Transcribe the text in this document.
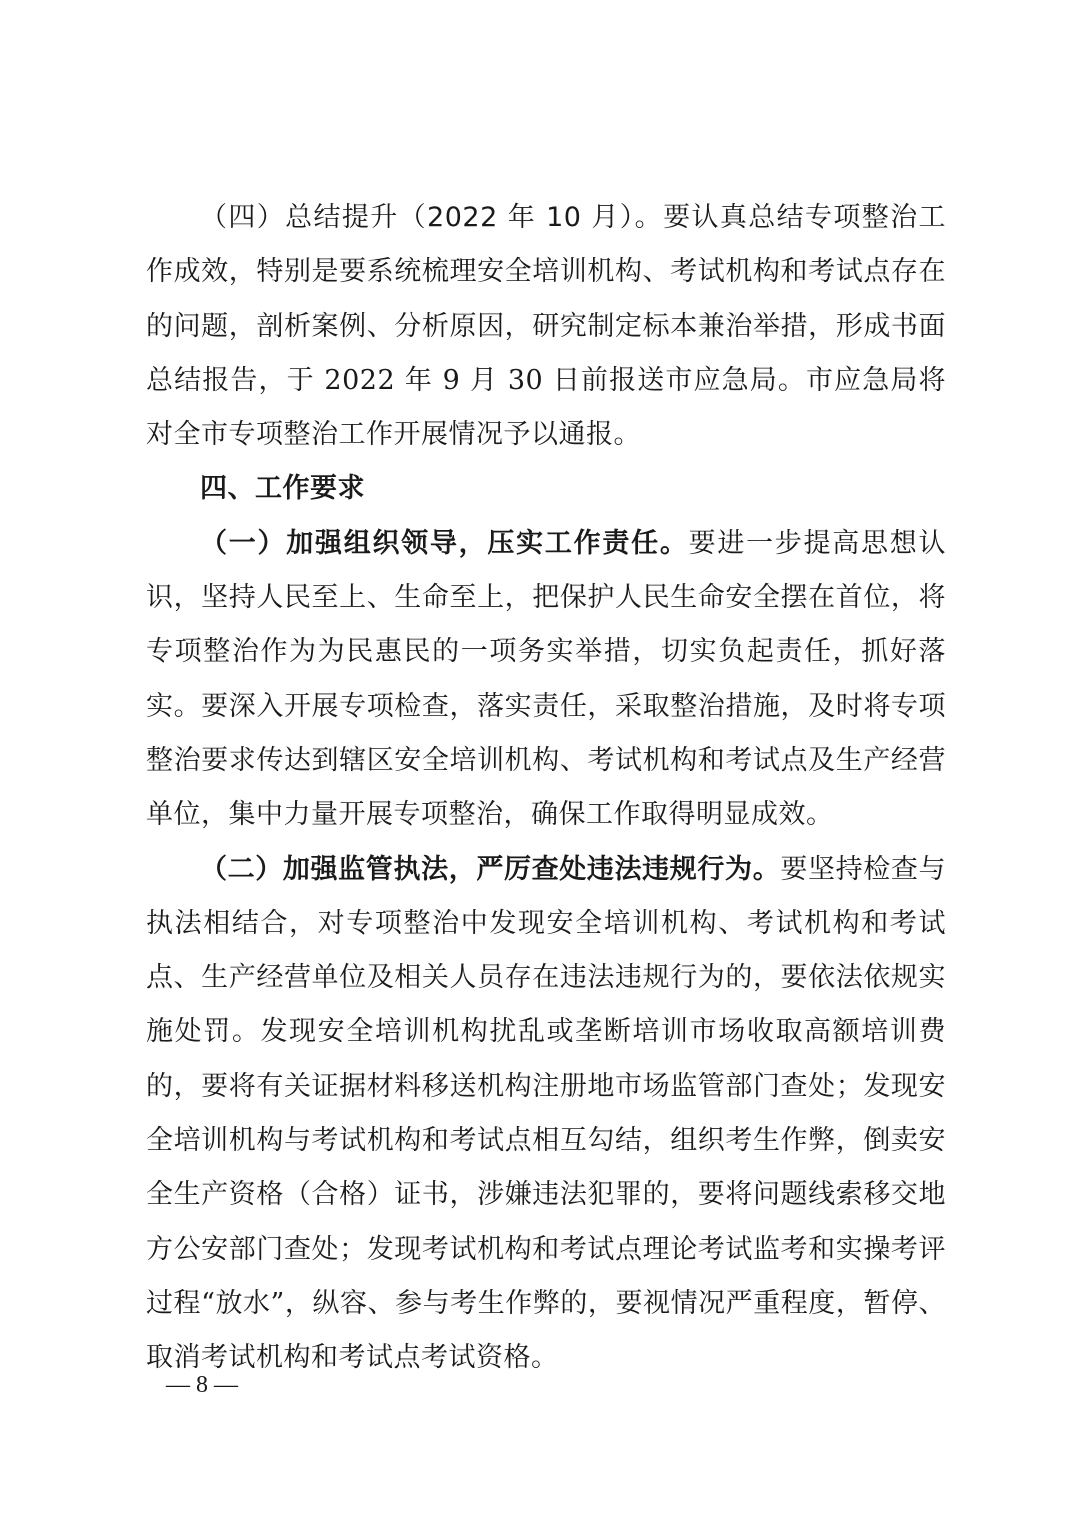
（四）总结提升（2022 年 10 月）。要认真总结专项整治工作成效，特别是要系统梳理安全培训机构、考试机构和考试点存在的问题，剖析案例、分析原因，研究制定标本兼治举措，形成书面总结报告，于 2022 年 9 月 30 日前报送市应急局。市应急局将对全市专项整治工作开展情况予以通报。

四、工作要求

（一）加强组织领导，压实工作责任。要进一步提高思想认识，坚持人民至上、生命至上，把保护人民生命安全摆在首位，将专项整治作为为民惠民的一项务实举措，切实负起责任，抓好落实。要深入开展专项检查，落实责任，采取整治措施，及时将专项整治要求传达到辖区安全培训机构、考试机构和考试点及生产经营单位，集中力量开展专项整治，确保工作取得明显成效。

（二）加强监管执法，严厉查处违法违规行为。要坚持检查与执法相结合，对专项整治中发现安全培训机构、考试机构和考试点、生产经营单位及相关人员存在违法违规行为的，要依法依规实施处罚。发现安全培训机构扰乱或垄断培训市场收取高额培训费的，要将有关证据材料移送机构注册地市场监管部门查处；发现安全培训机构与考试机构和考试点相互勾结，组织考生作弊，倒卖安全生产资格（合格）证书，涉嫌违法犯罪的，要将问题线索移交地方公安部门查处；发现考试机构和考试点理论考试监考和实操考评过程“放水”，纵容、参与考生作弊的，要视情况严重程度，暂停、取消考试机构和考试点考试资格。

— 8 —
